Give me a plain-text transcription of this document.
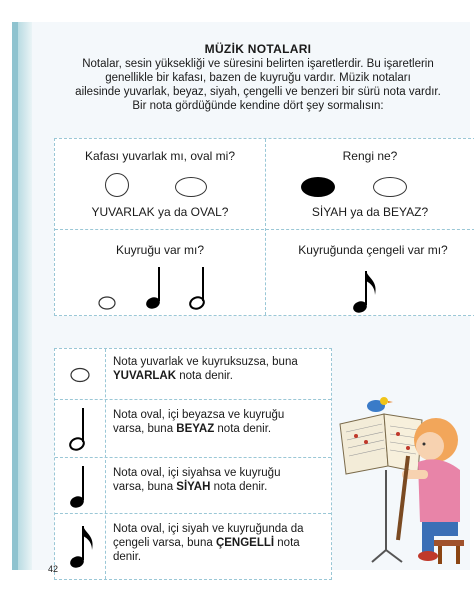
MÜZİK NOTALARI
Notalar, sesin yüksekliği ve süresini belirten işaretlerdir. Bu işaretlerin
genellikle bir kafası, bazen de kuyruğu vardır. Müzik notaları
ailesinde yuvarlak, beyaz, siyah, çengelli ve benzeri bir sürü nota vardır.
Bir nota gördüğünde kendine dört şey sormalısın:
Kafası yuvarlak mı, oval mi?
YUVARLAK ya da OVAL?
Rengi ne?
SİYAH ya da BEYAZ?
Kuyruğu var mı?	Kuyruğunda çengeli var mı?
Nota yuvarlak ve kuyruksuzsa, buna
YUVARLAK nota denir.
Nota oval, içi beyazsa ve kuyruğu
varsa, buna BEYAZ nota denir.
Nota oval, içi siyahsa ve kuyruğu
varsa, buna SİYAH nota denir.
Nota oval, içi siyah ve kuyruğunda da
çengeli varsa, buna ÇENGELLİ nota denir.
42
